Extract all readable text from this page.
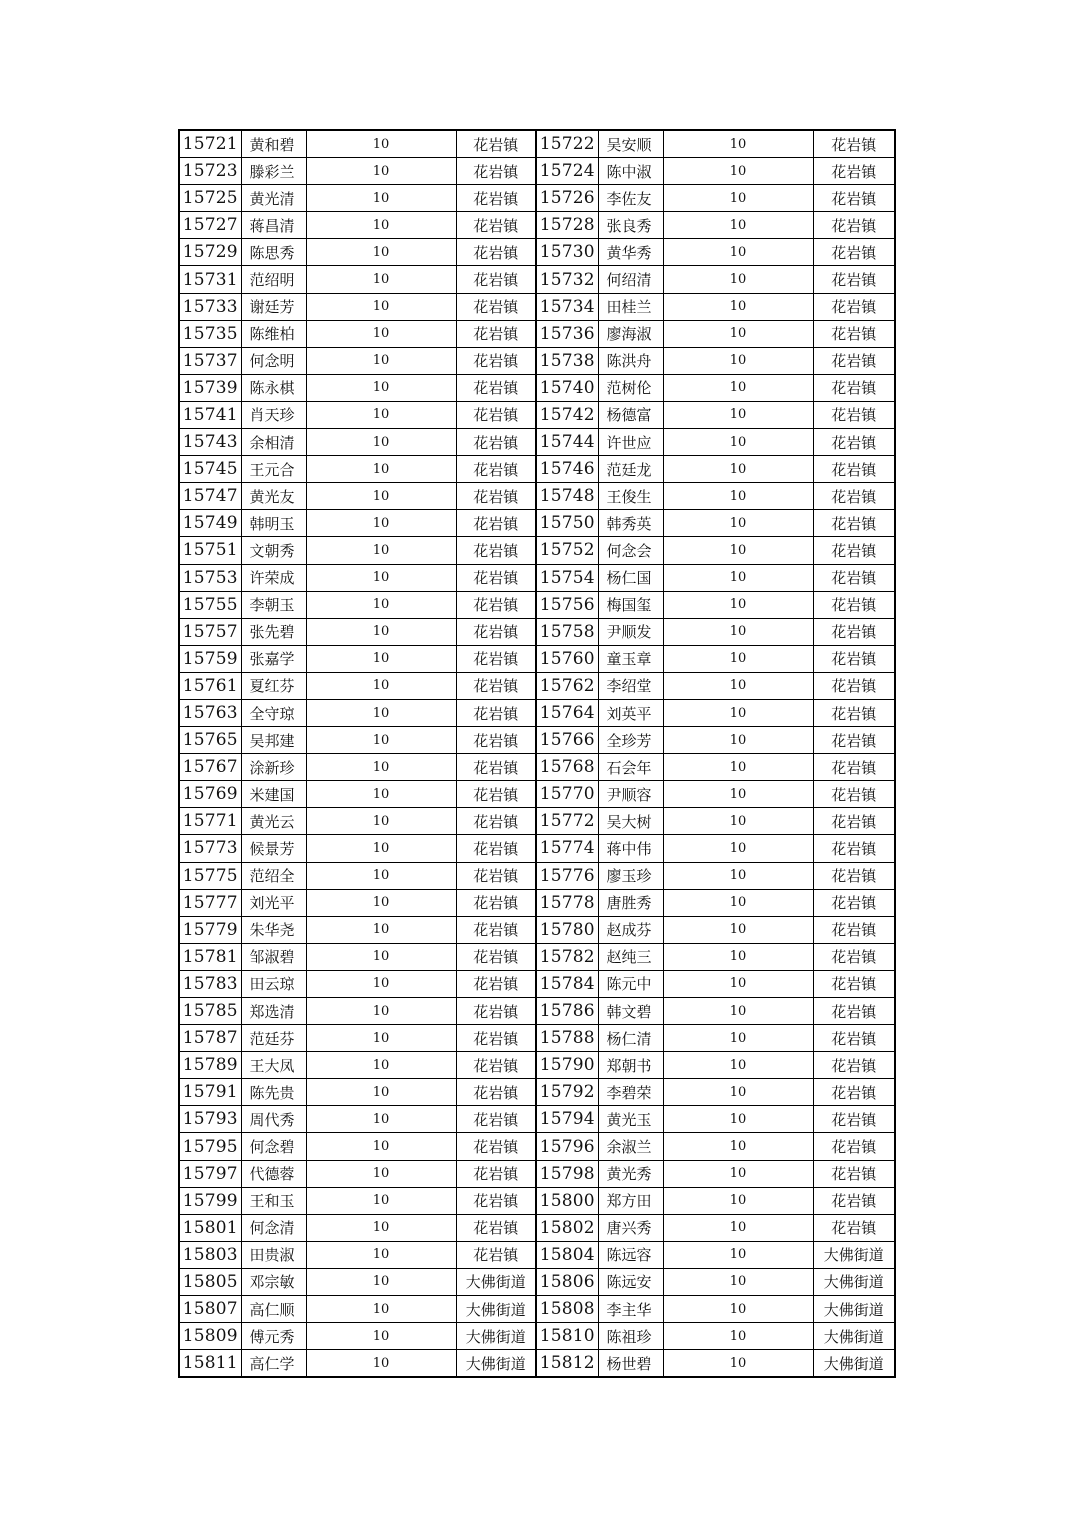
15721	黄和碧	10	花岩镇	15722	吴安顺	10	花岩镇
15723	滕彩兰	10	花岩镇	15724	陈中淑	10	花岩镇
15725	黄光清	10	花岩镇	15726	李佐友	10	花岩镇
15727	蒋昌清	10	花岩镇	15728	张良秀	10	花岩镇
15729	陈思秀	10	花岩镇	15730	黄华秀	10	花岩镇
15731	范绍明	10	花岩镇	15732	何绍清	10	花岩镇
15733	谢廷芳	10	花岩镇	15734	田桂兰	10	花岩镇
15735	陈维柏	10	花岩镇	15736	廖海淑	10	花岩镇
15737	何念明	10	花岩镇	15738	陈洪舟	10	花岩镇
15739	陈永棋	10	花岩镇	15740	范树伦	10	花岩镇
15741	肖天珍	10	花岩镇	15742	杨德富	10	花岩镇
15743	余相清	10	花岩镇	15744	许世应	10	花岩镇
15745	王元合	10	花岩镇	15746	范廷龙	10	花岩镇
15747	黄光友	10	花岩镇	15748	王俊生	10	花岩镇
15749	韩明玉	10	花岩镇	15750	韩秀英	10	花岩镇
15751	文朝秀	10	花岩镇	15752	何念会	10	花岩镇
15753	许荣成	10	花岩镇	15754	杨仁国	10	花岩镇
15755	李朝玉	10	花岩镇	15756	梅国玺	10	花岩镇
15757	张先碧	10	花岩镇	15758	尹顺发	10	花岩镇
15759	张嘉学	10	花岩镇	15760	童玉章	10	花岩镇
15761	夏红芬	10	花岩镇	15762	李绍堂	10	花岩镇
15763	全守琼	10	花岩镇	15764	刘英平	10	花岩镇
15765	吴邦建	10	花岩镇	15766	全珍芳	10	花岩镇
15767	涂新珍	10	花岩镇	15768	石会年	10	花岩镇
15769	米建国	10	花岩镇	15770	尹顺容	10	花岩镇
15771	黄光云	10	花岩镇	15772	吴大树	10	花岩镇
15773	候景芳	10	花岩镇	15774	蒋中伟	10	花岩镇
15775	范绍全	10	花岩镇	15776	廖玉珍	10	花岩镇
15777	刘光平	10	花岩镇	15778	唐胜秀	10	花岩镇
15779	朱华尧	10	花岩镇	15780	赵成芬	10	花岩镇
15781	邹淑碧	10	花岩镇	15782	赵纯三	10	花岩镇
15783	田云琼	10	花岩镇	15784	陈元中	10	花岩镇
15785	郑选清	10	花岩镇	15786	韩文碧	10	花岩镇
15787	范廷芬	10	花岩镇	15788	杨仁清	10	花岩镇
15789	王大凤	10	花岩镇	15790	郑朝书	10	花岩镇
15791	陈先贵	10	花岩镇	15792	李碧荣	10	花岩镇
15793	周代秀	10	花岩镇	15794	黄光玉	10	花岩镇
15795	何念碧	10	花岩镇	15796	余淑兰	10	花岩镇
15797	代德蓉	10	花岩镇	15798	黄光秀	10	花岩镇
15799	王和玉	10	花岩镇	15800	郑方田	10	花岩镇
15801	何念清	10	花岩镇	15802	唐兴秀	10	花岩镇
15803	田贵淑	10	花岩镇	15804	陈远容	10	大佛街道
15805	邓宗敏	10	大佛街道	15806	陈远安	10	大佛街道
15807	高仁顺	10	大佛街道	15808	李主华	10	大佛街道
15809	傅元秀	10	大佛街道	15810	陈祖珍	10	大佛街道
15811	高仁学	10	大佛街道	15812	杨世碧	10	大佛街道
